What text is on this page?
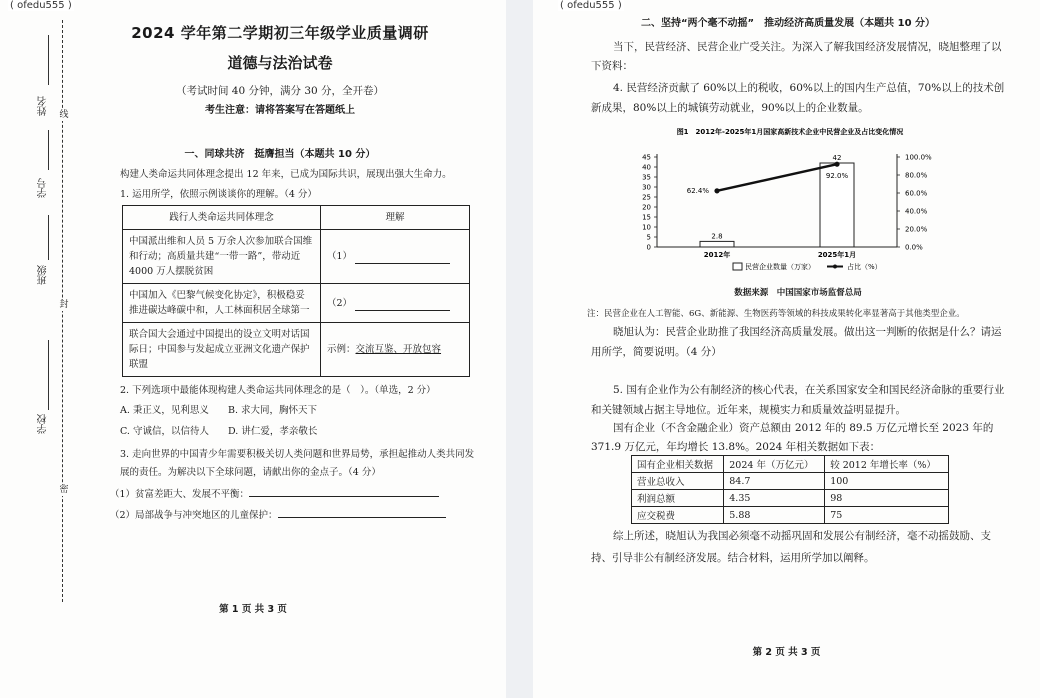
( ofedu555 )
姓名 线
学号
班级
封
学校
密
2024 学年第二学期初三年级学业质量调研
道德与法治试卷
（考试时间 40 分钟，满分 30 分，全开卷）
考生注意：请将答案写在答题纸上
一、同球共济　挺膺担当（本题共 10 分）
构建人类命运共同体理念提出 12 年来，已成为国际共识，展现出强大生命力。
1. 运用所学，依照示例谈谈你的理解。（4 分）
践行人类命运共同体理念	理解
中国派出维和人员 5 万余人次参加联合国维和行动；高质量共建“一带一路”，带动近 4000 万人摆脱贫困	（1）
中国加入《巴黎气候变化协定》，积极稳妥推进碳达峰碳中和，人工林面积居全球第一	（2）
联合国大会通过中国提出的设立文明对话国际日；中国参与发起成立亚洲文化遗产保护联盟	示例：交流互鉴、开放包容
2. 下列选项中最能体现构建人类命运共同体理念的是（　）。（单选，2 分）
A. 秉正义，见利思义 B. 求大同，胸怀天下
C. 守诚信，以信待人 D. 讲仁爱，孝亲敬长
3. 走向世界的中国青少年需要积极关切人类问题和世界局势，承担起推动人类共同发展的责任。为解决以下全球问题，请献出你的金点子。（4 分）
（1）贫富差距大、发展不平衡：
（2）局部战争与冲突地区的儿童保护：
第 1 页 共 3 页
( ofedu555 )
二、坚持“两个毫不动摇”　推动经济高质量发展（本题共 10 分）
当下，民营经济、民营企业广受关注。为深入了解我国经济发展情况，晓旭整理了以下资料：
4. 民营经济贡献了 60%以上的税收，60%以上的国内生产总值，70%以上的技术创新成果，80%以上的城镇劳动就业，90%以上的企业数量。
图1　2012年-2025年1月国家高新技术企业中民营企业及占比变化情况
0
5
10
15
20
25
30
35
40
45
0.0%
20.0%
40.0%
60.0%
80.0%
100.0%
2.8
2012年
42
2025年1月
62.4%
92.0%
民营企业数量（万家）	占比（%）
数据来源　中国国家市场监督总局
注：民营企业在人工智能、6G、新能源、生物医药等领域的科技成果转化率显著高于其他类型企业。
晓旭认为：民营企业助推了我国经济高质量发展。做出这一判断的依据是什么？请运用所学，简要说明。（4 分）
5. 国有企业作为公有制经济的核心代表，在关系国家安全和国民经济命脉的重要行业和关键领域占据主导地位。近年来，规模实力和质量效益明显提升。
国有企业（不含金融企业）资产总额由 2012 年的 89.5 万亿元增长至 2023 年的 371.9 万亿元，年均增长 13.8%。2024 年相关数据如下表：
国有企业相关数据	2024 年（万亿元）	较 2012 年增长率（%）
营业总收入	84.7	100
利润总额	4.35	98
应交税费	5.88	75
综上所述，晓旭认为我国必须毫不动摇巩固和发展公有制经济，毫不动摇鼓励、支持、引导非公有制经济发展。结合材料，运用所学加以阐释。
第 2 页 共 3 页
